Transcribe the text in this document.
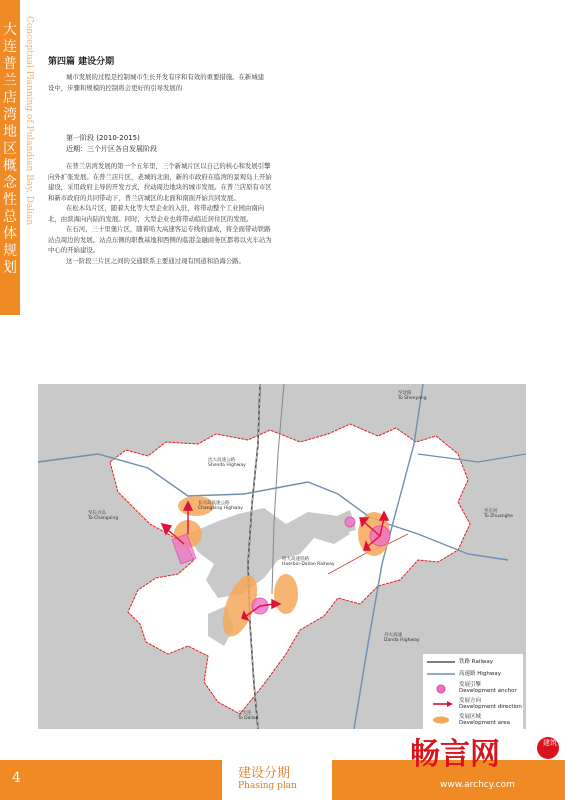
大连普兰店湾地区概念性总体规划
Conceptual Planning of Pulandian Bay, Dalian 第四篇 建设分期
城市发展的过程是控制城市生长开发有序和有效的重要措施。在新城建设中，步骤和规模的控制将会更好的引导发展的
第一阶段 (2010-2015)
近期：三个片区各自发展阶段

在普兰店湾发展的第一个五年里，三个新城片区以自己的核心和发展引擎向外扩张发展。在普兰店片区，老城的北面，新的市政府在临湾的景观岛上开始建设，采用政府主导的开发方式，拉动周边地块的城市发展。在普兰店原有市区和新市政府的共同带动下，普兰店城区的北面和南面开始共同发展。

在松木岛片区，随着大化等大型企业的入驻，将带动整个工业园由南向北，由滨海向内陆的发展。同时，大型企业也将带动临近居住区的发展。

在石河、三十里堡片区，随着哈大高速客运专线的建成，将全面带动铁路站点周边的发展。站点东侧的职教基地和西侧的临港金融商务区都将以火车站为中心的开始建设。

这一阶段三片区之间的交通联系主要通过现有国道和沿海公路。

沈大高速公路
Shenda Highway
长兴岛高速公路
Changxing Highway
至长兴岛
To Changxing
至庄河
To Zhuanghe
哈大高速铁路
Haerbin-Dalian Railway
至大连
To Dalian
丹大高速
Danda Highway
至沈阳
To Shenyang
铁路 Railway
高速路 Highway
发展引擎
Development anchor
发展方向
Development direction
发展区域
Development area
4	建设分期
Phasing plan
畅言网	建筑
www.archcy.com
